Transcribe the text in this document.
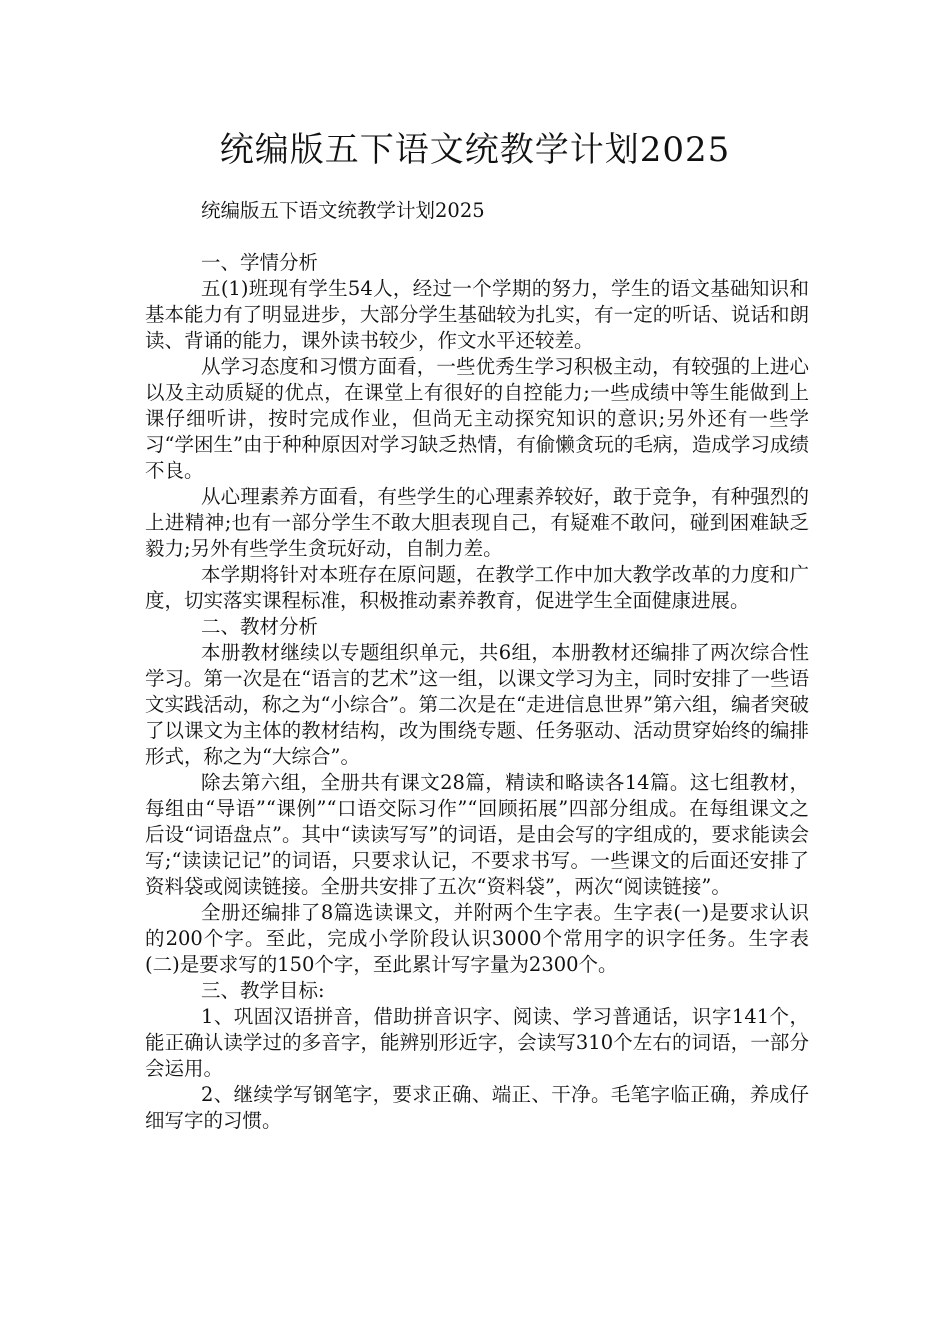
统编版五下语文统教学计划2025

统编版五下语文统教学计划2025

一、学情分析

五(1)班现有学生54人，经过一个学期的努力，学生的语文基础知识和基本能力有了明显进步，大部分学生基础较为扎实，有一定的听话、说话和朗读、背诵的能力，课外读书较少，作文水平还较差。

从学习态度和习惯方面看，一些优秀生学习积极主动，有较强的上进心以及主动质疑的优点，在课堂上有很好的自控能力;一些成绩中等生能做到上课仔细听讲，按时完成作业，但尚无主动探究知识的意识;另外还有一些学习“学困生”由于种种原因对学习缺乏热情，有偷懒贪玩的毛病，造成学习成绩不良。

从心理素养方面看，有些学生的心理素养较好，敢于竞争，有种强烈的上进精神;也有一部分学生不敢大胆表现自己，有疑难不敢问，碰到困难缺乏毅力;另外有些学生贪玩好动，自制力差。

本学期将针对本班存在原问题，在教学工作中加大教学改革的力度和广度，切实落实课程标准，积极推动素养教育，促进学生全面健康进展。

二、教材分析

本册教材继续以专题组织单元，共6组，本册教材还编排了两次综合性学习。第一次是在“语言的艺术”这一组，以课文学习为主，同时安排了一些语文实践活动，称之为“小综合”。第二次是在“走进信息世界”第六组，编者突破了以课文为主体的教材结构，改为围绕专题、任务驱动、活动贯穿始终的编排形式，称之为“大综合”。

除去第六组，全册共有课文28篇，精读和略读各14篇。这七组教材，每组由“导语”“课例”“口语交际习作”“回顾拓展”四部分组成。在每组课文之后设“词语盘点”。其中“读读写写”的词语，是由会写的字组成的，要求能读会写;“读读记记”的词语，只要求认记，不要求书写。一些课文的后面还安排了资料袋或阅读链接。全册共安排了五次“资料袋”，两次“阅读链接”。

全册还编排了8篇选读课文，并附两个生字表。生字表(一)是要求认识的200个字。至此，完成小学阶段认识3000个常用字的识字任务。生字表(二)是要求写的150个字，至此累计写字量为2300个。

三、教学目标:

1、巩固汉语拼音，借助拼音识字、阅读、学习普通话，识字141个，能正确认读学过的多音字，能辨别形近字，会读写310个左右的词语，一部分会运用。

2、继续学写钢笔字，要求正确、端正、干净。毛笔字临正确，养成仔细写字的习惯。
